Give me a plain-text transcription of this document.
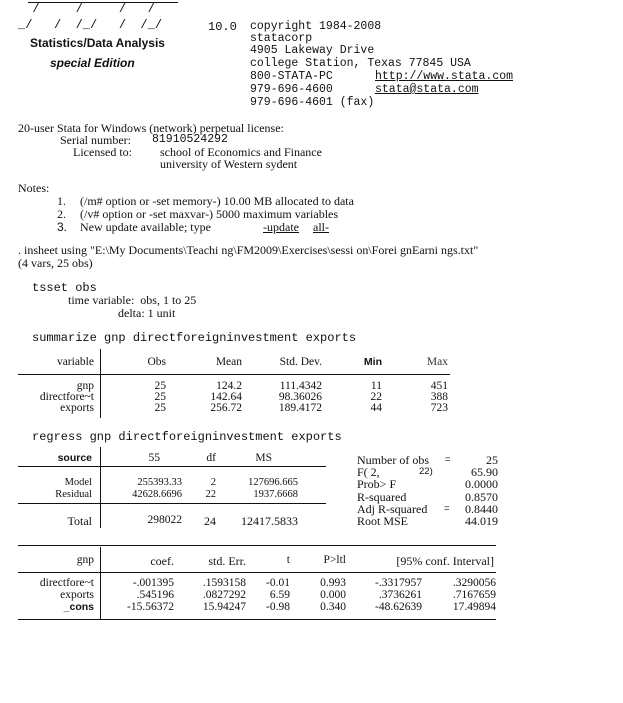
/     /     /   /
_/   /  /_/   /  /_/
Statistics/Data Analysis
special Edition
10.0 copyright 1984-2008
statacorp
4905 Lakeway Drive
college Station, Texas 77845 USA
800-STATA-PC	http://www.stata.com
979-696-4600	stata@stata.com
979-696-4601 (fax)
20-user Stata for Windows (network) perpetual license:
Serial number: 81910524292
Licensed to: school of Economics and Finance
university of Western sydent
Notes:
1. (/m# option or -set memory-) 10.00 MB allocated to data
2. (/v# option or -set maxvar-) 5000 maximum variables
3. New update available; type	-update all-
. insheet using "E:\My Documents\Teachi ng\FM2009\Exercises\sessi on\Forei gnEarni ngs.txt"
(4 vars, 25 obs)
tsset obs
time variable:  obs, 1 to 25
delta: 1 unit
summarize gnp directforeigninvestment exports
variable	Obs	Mean	Std. Dev.	Min	Max
gnp	25	124.2	111.4342	11	451
directfore~t	25	142.64	98.36026	22	388
exports	25	256.72	189.4172	44	723
regress gnp directforeigninvestment exports
source	55	df	MS
Model	255393.33	2	127696.665
Residual	42628.6696	22	1937.6668
Total	298022	24	12417.5833
Number of obs =	25
F( 2,	22)	65.90
Prob> F	0.0000
R-squared	0.8570
Adj R-squared =	0.8440
Root MSE	44.019
gnp	coef.	std. Err.	t	P>ltl	[95% conf. Interval]
directfore~t	-.001395	.1593158	-0.01	0.993	-.3317957	.3290056
exports	.545196	.0827292	6.59	0.000	.3736261	.7167659
_cons	-15.56372	15.94247	-0.98	0.340	-48.62639	17.49894
